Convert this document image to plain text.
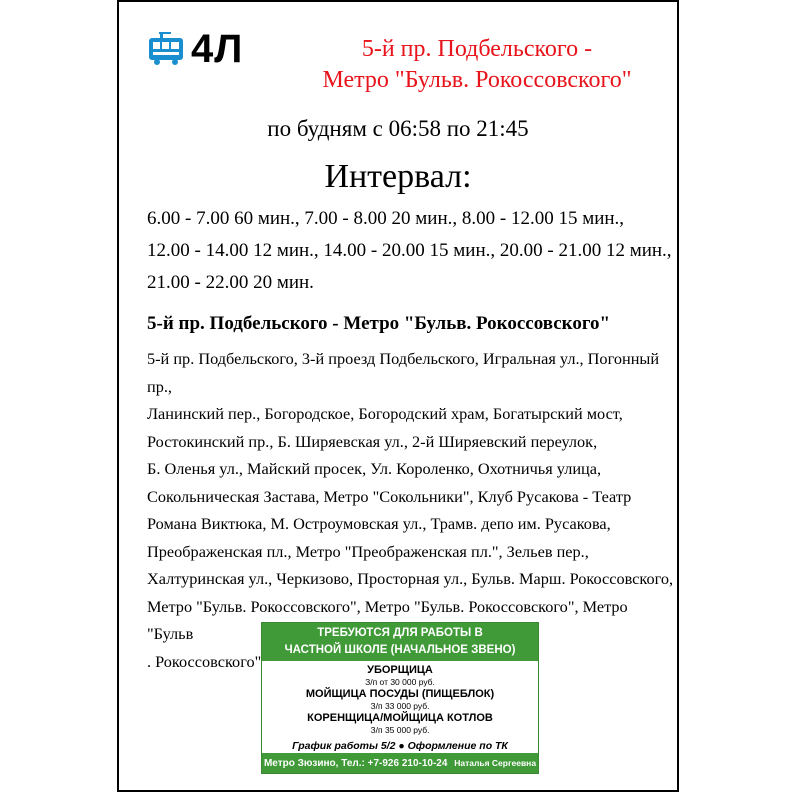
4Л	5-й пр. Подбельского -
Метро "Бульв. Рокоссовского"
по будням с 06:58 по 21:45
Интервал:
6.00 - 7.00 60 мин., 7.00 - 8.00 20 мин., 8.00 - 12.00 15 мин.,
12.00 - 14.00 12 мин., 14.00 - 20.00 15 мин., 20.00 - 21.00 12 мин.,
21.00 - 22.00 20 мин.
5-й пр. Подбельского - Метро "Бульв. Рокоссовского"
5-й пр. Подбельского, 3-й проезд Подбельского, Игральная ул., Погонный пр.,
Ланинский пер., Богородское, Богородский храм, Богатырский мост,
Ростокинский пр., Б. Ширяевская ул., 2-й Ширяевский переулок,
Б. Оленья ул., Майский просек, Ул. Короленко, Охотничья улица,
Сокольническая Застава, Метро "Сокольники", Клуб Русакова - Театр
Романа Виктюка, М. Остроумовская ул., Трамв. депо им. Русакова,
Преображенская пл., Метро "Преображенская пл.", Зельев пер.,
Халтуринская ул., Черкизово, Просторная ул., Бульв. Марш. Рокоссовского,
Метро "Бульв. Рокоссовского", Метро "Бульв. Рокоссовского", Метро "Бульв
. Рокоссовского"
ТРЕБУЮТСЯ ДЛЯ РАБОТЫ В
ЧАСТНОЙ ШКОЛЕ (НАЧАЛЬНОЕ ЗВЕНО)
УБОРЩИЦА
З/п от 30 000 руб.
МОЙЩИЦА ПОСУДЫ (ПИЩЕБЛОК)
З/п 33 000 руб.
КОРЕНЩИЦА/МОЙЩИЦА КОТЛОВ
З/п 35 000 руб.
График работы 5/2 ● Оформление по ТК
Метро Зюзино, Тел.: +7-926 210-10-24 Наталья Сергеевна
